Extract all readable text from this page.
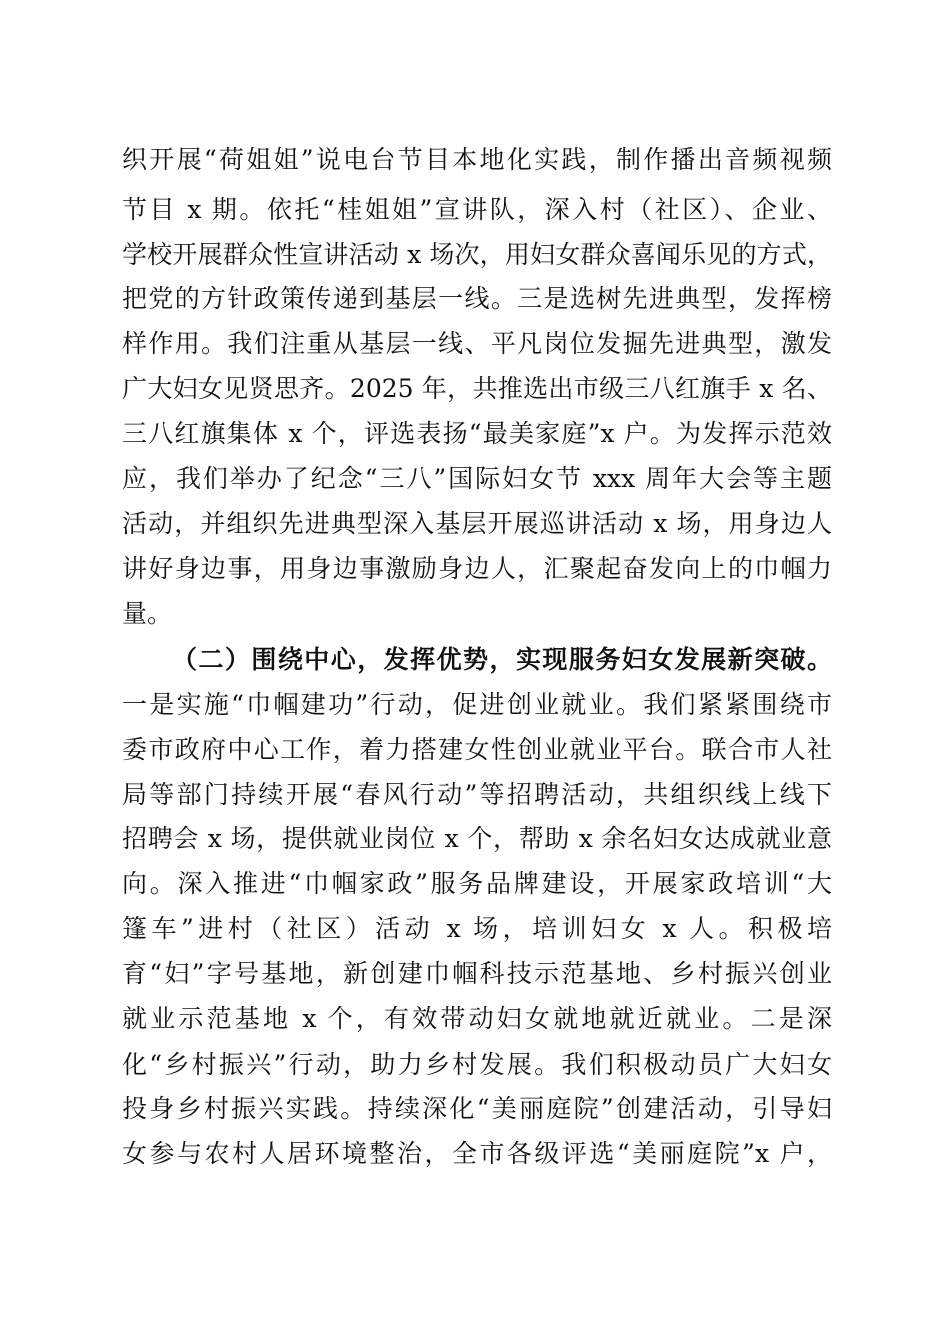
织开展“荷姐姐”说电台节目本地化实践，制作播出音频视频
节目 x 期。依托“桂姐姐”宣讲队，深入村（社区）、企业、
学校开展群众性宣讲活动 x 场次，用妇女群众喜闻乐见的方式，
把党的方针政策传递到基层一线。三是选树先进典型，发挥榜
样作用。我们注重从基层一线、平凡岗位发掘先进典型，激发
广大妇女见贤思齐。2025 年，共推选出市级三八红旗手 x 名、
三八红旗集体 x 个，评选表扬“最美家庭”x 户。为发挥示范效
应，我们举办了纪念“三八”国际妇女节 xxx 周年大会等主题
活动，并组织先进典型深入基层开展巡讲活动 x 场，用身边人
讲好身边事，用身边事激励身边人，汇聚起奋发向上的巾帼力
量。
（二）围绕中心，发挥优势，实现服务妇女发展新突破。
一是实施“巾帼建功”行动，促进创业就业。我们紧紧围绕市
委市政府中心工作，着力搭建女性创业就业平台。联合市人社
局等部门持续开展“春风行动”等招聘活动，共组织线上线下
招聘会 x 场，提供就业岗位 x 个，帮助 x 余名妇女达成就业意
向。深入推进“巾帼家政”服务品牌建设，开展家政培训“大
篷车”进村（社区）活动 x 场，培训妇女 x 人。积极培
育“妇”字号基地，新创建巾帼科技示范基地、乡村振兴创业
就业示范基地 x 个，有效带动妇女就地就近就业。二是深
化“乡村振兴”行动，助力乡村发展。我们积极动员广大妇女
投身乡村振兴实践。持续深化“美丽庭院”创建活动，引导妇
女参与农村人居环境整治，全市各级评选“美丽庭院”x 户，
